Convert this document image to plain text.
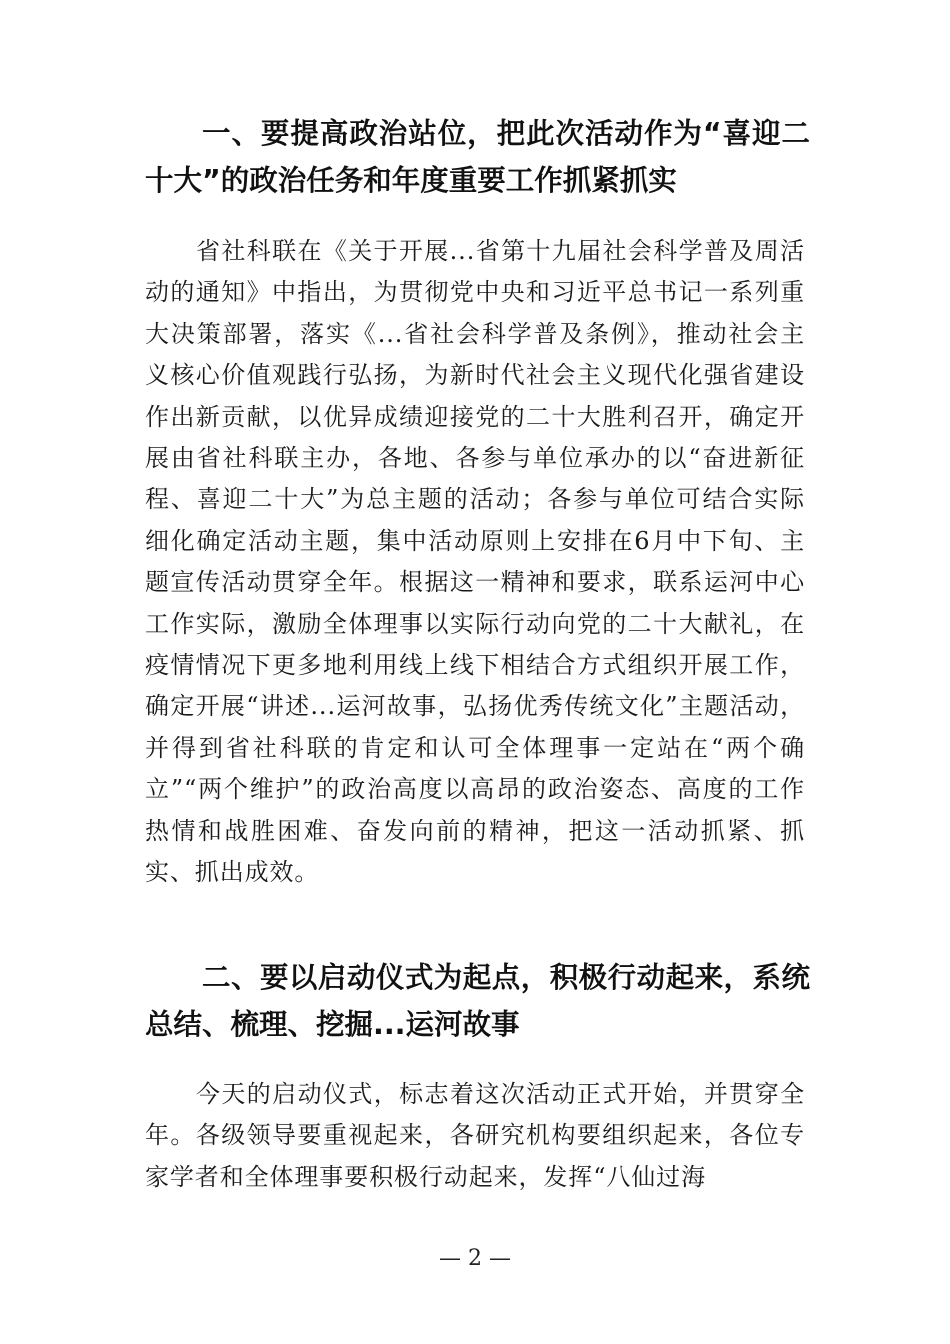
一、要提高政治站位，把此次活动作为“喜迎二十大”的政治任务和年度重要工作抓紧抓实

省社科联在《关于开展...省第十九届社会科学普及周活动的通知》中指出，为贯彻党中央和习近平总书记一系列重大决策部署，落实《...省社会科学普及条例》，推动社会主义核心价值观践行弘扬，为新时代社会主义现代化强省建设作出新贡献，以优异成绩迎接党的二十大胜利召开，确定开展由省社科联主办，各地、各参与单位承办的以“奋进新征程、喜迎二十大”为总主题的活动；各参与单位可结合实际细化确定活动主题，集中活动原则上安排在6月中下旬、主题宣传活动贯穿全年。根据这一精神和要求，联系运河中心工作实际，激励全体理事以实际行动向党的二十大献礼，在疫情情况下更多地利用线上线下相结合方式组织开展工作，确定开展“讲述...运河故事，弘扬优秀传统文化”主题活动，并得到省社科联的肯定和认可全体理事一定站在“两个确立”“两个维护”的政治高度以高昂的政治姿态、高度的工作热情和战胜困难、奋发向前的精神，把这一活动抓紧、抓实、抓出成效。

二、要以启动仪式为起点，积极行动起来，系统总结、梳理、挖掘...运河故事

今天的启动仪式，标志着这次活动正式开始，并贯穿全年。各级领导要重视起来，各研究机构要组织起来，各位专家学者和全体理事要积极行动起来，发挥“八仙过海

— 2 —
